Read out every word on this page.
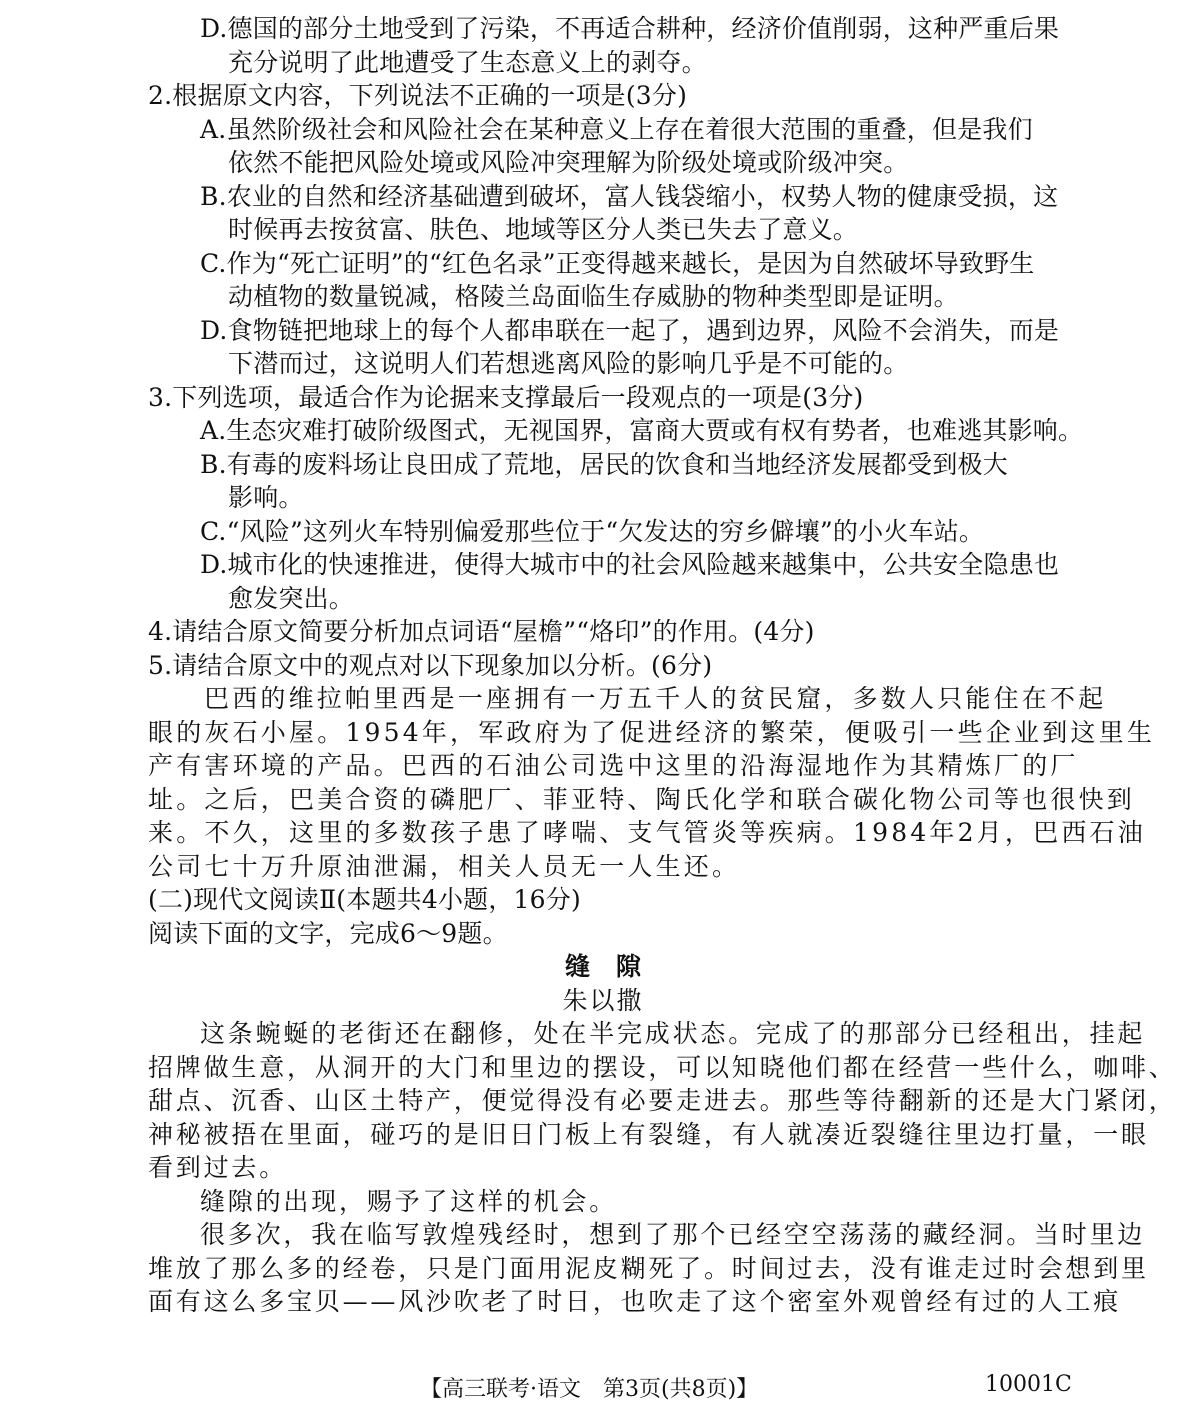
D.德国的部分土地受到了污染，不再适合耕种，经济价值削弱，这种严重后果
充分说明了此地遭受了生态意义上的剥夺。
2.根据原文内容，下列说法不正确的一项是(3分)
A.虽然阶级社会和风险社会在某种意义上存在着很大范围的重叠，但是我们
依然不能把风险处境或风险冲突理解为阶级处境或阶级冲突。
B.农业的自然和经济基础遭到破坏，富人钱袋缩小，权势人物的健康受损，这
时候再去按贫富、肤色、地域等区分人类已失去了意义。
C.作为“死亡证明”的“红色名录”正变得越来越长，是因为自然破坏导致野生
动植物的数量锐减，格陵兰岛面临生存威胁的物种类型即是证明。
D.食物链把地球上的每个人都串联在一起了，遇到边界，风险不会消失，而是
下潜而过，这说明人们若想逃离风险的影响几乎是不可能的。
3.下列选项，最适合作为论据来支撑最后一段观点的一项是(3分)
A.生态灾难打破阶级图式，无视国界，富商大贾或有权有势者，也难逃其影响。
B.有毒的废料场让良田成了荒地，居民的饮食和当地经济发展都受到极大
影响。
C.“风险”这列火车特别偏爱那些位于“欠发达的穷乡僻壤”的小火车站。
D.城市化的快速推进，使得大城市中的社会风险越来越集中，公共安全隐患也
愈发突出。
4.请结合原文简要分析加点词语“屋檐”“烙印”的作用。(4分)
5.请结合原文中的观点对以下现象加以分析。(6分)
巴西的维拉帕里西是一座拥有一万五千人的贫民窟，多数人只能住在不起
眼的灰石小屋。1954年，军政府为了促进经济的繁荣，便吸引一些企业到这里生
产有害环境的产品。巴西的石油公司选中这里的沿海湿地作为其精炼厂的厂
址。之后，巴美合资的磷肥厂、菲亚特、陶氏化学和联合碳化物公司等也很快到
来。不久，这里的多数孩子患了哮喘、支气管炎等疾病。1984年2月，巴西石油
公司七十万升原油泄漏，相关人员无一人生还。
(二)现代文阅读Ⅱ(本题共4小题，16分)
阅读下面的文字，完成6～9题。
缝隙
朱以撒
这条蜿蜒的老街还在翻修，处在半完成状态。完成了的那部分已经租出，挂起
招牌做生意，从洞开的大门和里边的摆设，可以知晓他们都在经营一些什么，咖啡、
甜点、沉香、山区土特产，便觉得没有必要走进去。那些等待翻新的还是大门紧闭，
神秘被捂在里面，碰巧的是旧日门板上有裂缝，有人就凑近裂缝往里边打量，一眼
看到过去。
缝隙的出现，赐予了这样的机会。
很多次，我在临写敦煌残经时，想到了那个已经空空荡荡的藏经洞。当时里边
堆放了那么多的经卷，只是门面用泥皮糊死了。时间过去，没有谁走过时会想到里
面有这么多宝贝——风沙吹老了时日，也吹走了这个密室外观曾经有过的人工痕
【高三联考·语文　第3页(共8页)】	10001C
